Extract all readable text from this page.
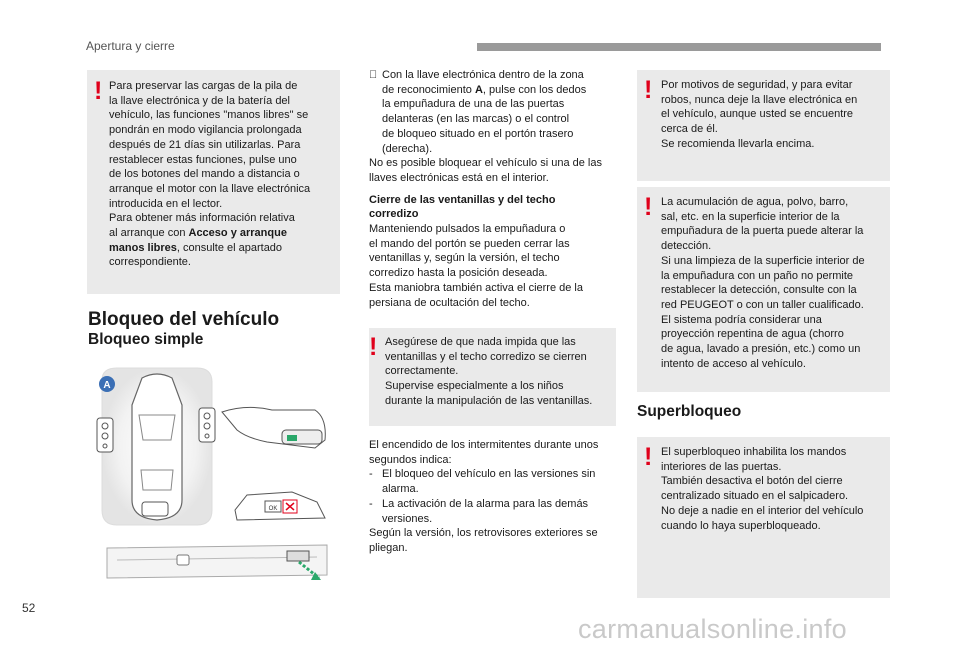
Apertura y cierre
! Para preservar las cargas de la pila de
la llave electrónica y de la batería del
vehículo, las funciones "manos libres" se
pondrán en modo vigilancia prolongada
después de 21 días sin utilizarlas. Para
restablecer estas funciones, pulse uno
de los botones del mando a distancia o
arranque el motor con la llave electrónica
introducida en el lector.
Para obtener más información relativa
al arranque con Acceso y arranque
manos libres, consulte el apartado
correspondiente.
Bloqueo del vehículo
Bloqueo simple
A
OK
Con la llave electrónica dentro de la zona
de reconocimiento A, pulse con los dedos
la empuñadura de una de las puertas
delanteras (en las marcas) o el control
de bloqueo situado en el portón trasero
(derecha).
No es posible bloquear el vehículo si una de las
llaves electrónicas está en el interior.
Cierre de las ventanillas y del techo
corredizo
Manteniendo pulsados la empuñadura o
el mando del portón se pueden cerrar las
ventanillas y, según la versión, el techo
corredizo hasta la posición deseada.
Esta maniobra también activa el cierre de la
persiana de ocultación del techo.
! Asegúrese de que nada impida que las
ventanillas y el techo corredizo se cierren
correctamente.
Supervise especialmente a los niños
durante la manipulación de las ventanillas.
El encendido de los intermitentes durante unos
segundos indica:
- El bloqueo del vehículo en las versiones sin
alarma.
- La activación de la alarma para las demás
versiones.
Según la versión, los retrovisores exteriores se
pliegan.
! Por motivos de seguridad, y para evitar
robos, nunca deje la llave electrónica en
el vehículo, aunque usted se encuentre
cerca de él.
Se recomienda llevarla encima.
! La acumulación de agua, polvo, barro,
sal, etc. en la superficie interior de la
empuñadura de la puerta puede alterar la
detección.
Si una limpieza de la superficie interior de
la empuñadura con un paño no permite
restablecer la detección, consulte con la
red PEUGEOT o con un taller cualificado.
El sistema podría considerar una
proyección repentina de agua (chorro
de agua, lavado a presión, etc.) como un
intento de acceso al vehículo.
Superbloqueo
! El superbloqueo inhabilita los mandos
interiores de las puertas.
También desactiva el botón del cierre
centralizado situado en el salpicadero.
No deje a nadie en el interior del vehículo
cuando lo haya superbloqueado.
52
carmanualsonline.info
